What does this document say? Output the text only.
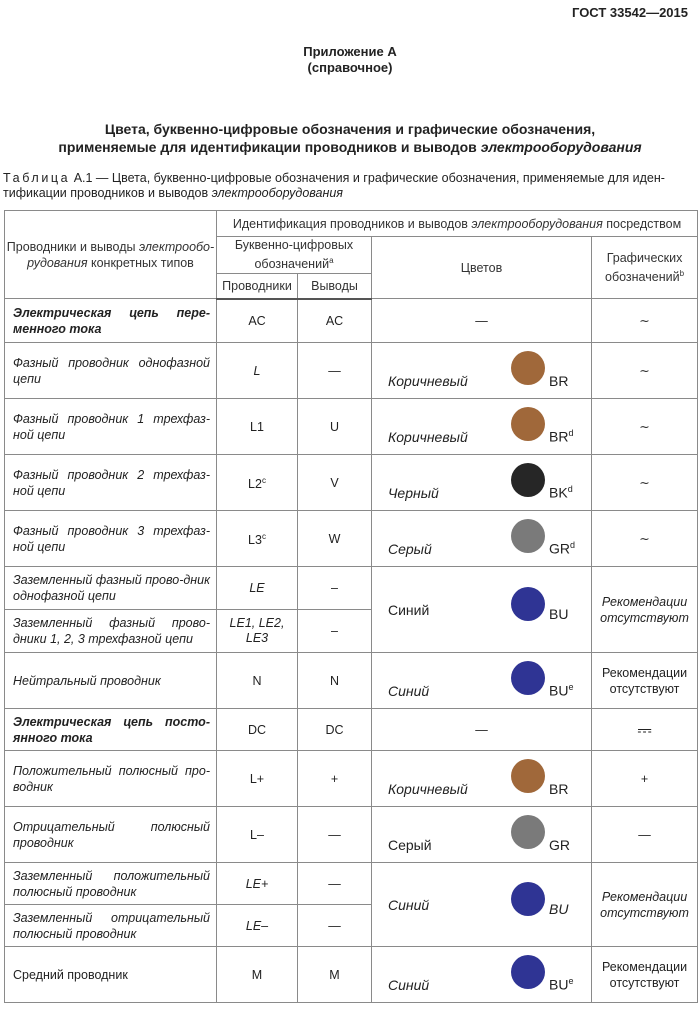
ГОСТ 33542—2015
Приложение А
(справочное)
Цвета, буквенно-цифровые обозначения и графические обозначения,
применяемые для идентификации проводников и выводов электрооборудования
Таблица А.1 — Цвета, буквенно-цифровые обозначения и графические обозначения, применяемые для иден-
тификации проводников и выводов электрооборудования
Проводники и выводы электрообо-
рудования конкретных типов	Идентификация проводников и выводов электрооборудования посредством			
	Буквенно-цифровых обозначений$^a$		Цветов	Графических обозначений$^b$
	Проводники	Выводы		
Электрическая цепь пере-менного тока	AC	AC	—	∼
Фазный проводник однофазной цепи	L	—	Коричневый BR	∼
Фазный проводник 1 трехфаз-ной цепи	L1	U	Коричневый $BR^d$	∼
Фазный проводник 2 трехфаз-ной цепи	L2$^c$	V	Черный $BK^d$	∼
Фазный проводник 3 трехфаз-ной цепи	L3$^c$	W	Серый $GR^d$	∼
Заземленный фазный прово-дник однофазной цепи	LE	–	Синий BU	Рекомендации отсутствуют
Заземленный фазный прово-дники 1, 2, 3 трехфазной цепи	LE1, LE2, LE3	–		
Нейтральный проводник	N	N	Синий $BU^e$	Рекомендации отсутствуют
Электрическая цепь посто-янного тока	DC	DC	—	⎓
Положительный полюсный про-водник	L+	+	Коричневый BR	+
Отрицательный полюсный проводник	L–	—	Серый GR	—
Заземленный положительный полюсный проводник	LE+	—	Синий BU	Рекомендации отсутствуют
Заземленный отрицательный полюсный проводник	LE–	—		
Средний проводник	M	M	Синий $BU^e$	Рекомендации отсутствуют
